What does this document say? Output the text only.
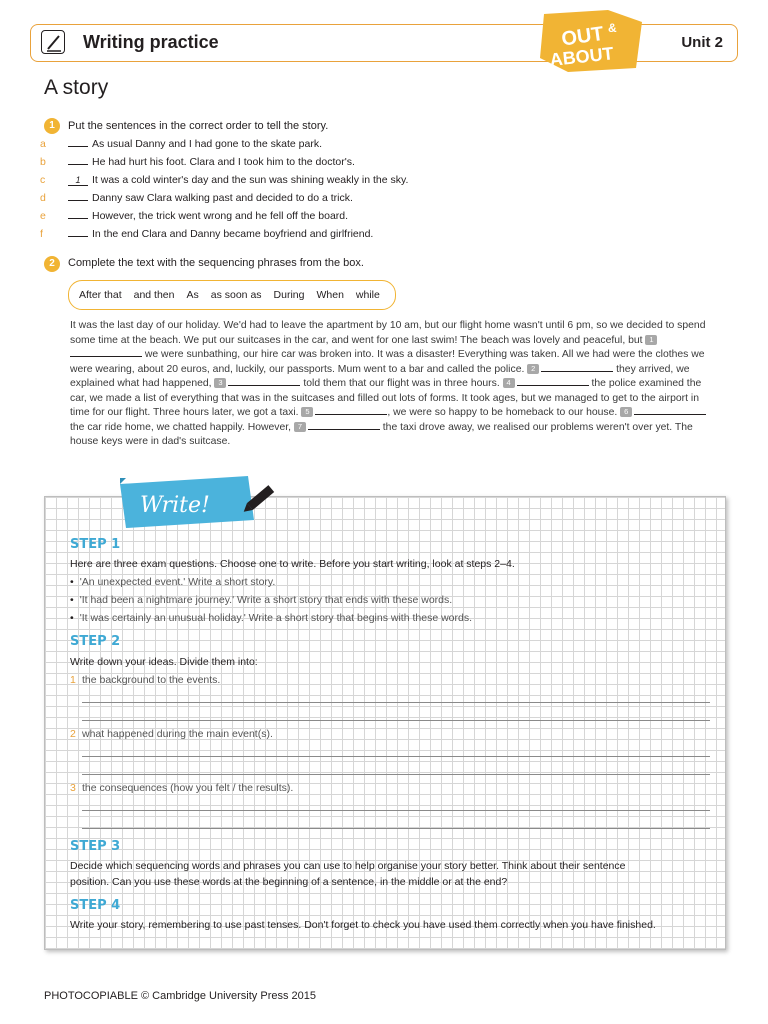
Writing practice	Unit 2
OUT &
ABOUT
A story
1	Put the sentences in the correct order to tell the story.
a	As usual Danny and I had gone to the skate park.
b	He had hurt his foot. Clara and I took him to the doctor's.
c	1 It was a cold winter's day and the sun was shining weakly in the sky.
d	Danny saw Clara walking past and decided to do a trick.
e	However, the trick went wrong and he fell off the board.
f	In the end Clara and Danny became boyfriend and girlfriend.
2	Complete the text with the sequencing phrases from the box.
After that and then As as soon as During When while

It was the last day of our holiday. We'd had to leave the apartment by 10 am, but our flight home wasn't until 6 pm, so we decided to spend some time at the beach. We put our suitcases in the car, and went for one last swim! The beach was lovely and peaceful, but 1 we were sunbathing, our hire car was broken into. It was a disaster! Everything was taken. All we had were the clothes we were wearing, about 20 euros, and, luckily, our passports. Mum went to a bar and called the police. 2	they arrived, we explained what had happened, 3	told them that our flight was in three hours. 4	the police examined the car, we made a list of everything that was in the suitcases and filled out lots of forms. It took ages, but we managed to get to the airport in time for our flight. Three hours later, we got a taxi. 5	, we were so happy to be homeback to our house. 6 the car ride home, we chatted happily. However, 7	the taxi drove away, we realised our problems weren't over yet. The house keys were in dad's suitcase.

Write!
STEP 1
Here are three exam questions. Choose one to write. Before you start writing, look at steps 2–4.
• 'An unexpected event.' Write a short story.
• 'It had been a nightmare journey.' Write a short story that ends with these words.
• 'It was certainly an unusual holiday.' Write a short story that begins with these words.
STEP 2
Write down your ideas. Divide them into:
1 the background to the events.
2 what happened during the main event(s).
3 the consequences (how you felt / the results).
STEP 3
Decide which sequencing words and phrases you can use to help organise your story better. Think about their sentence
position. Can you use these words at the beginning of a sentence, in the middle or at the end?
STEP 4
Write your story, remembering to use past tenses. Don't forget to check you have used them correctly when you have finished.
PHOTOCOPIABLE © Cambridge University Press 2015
